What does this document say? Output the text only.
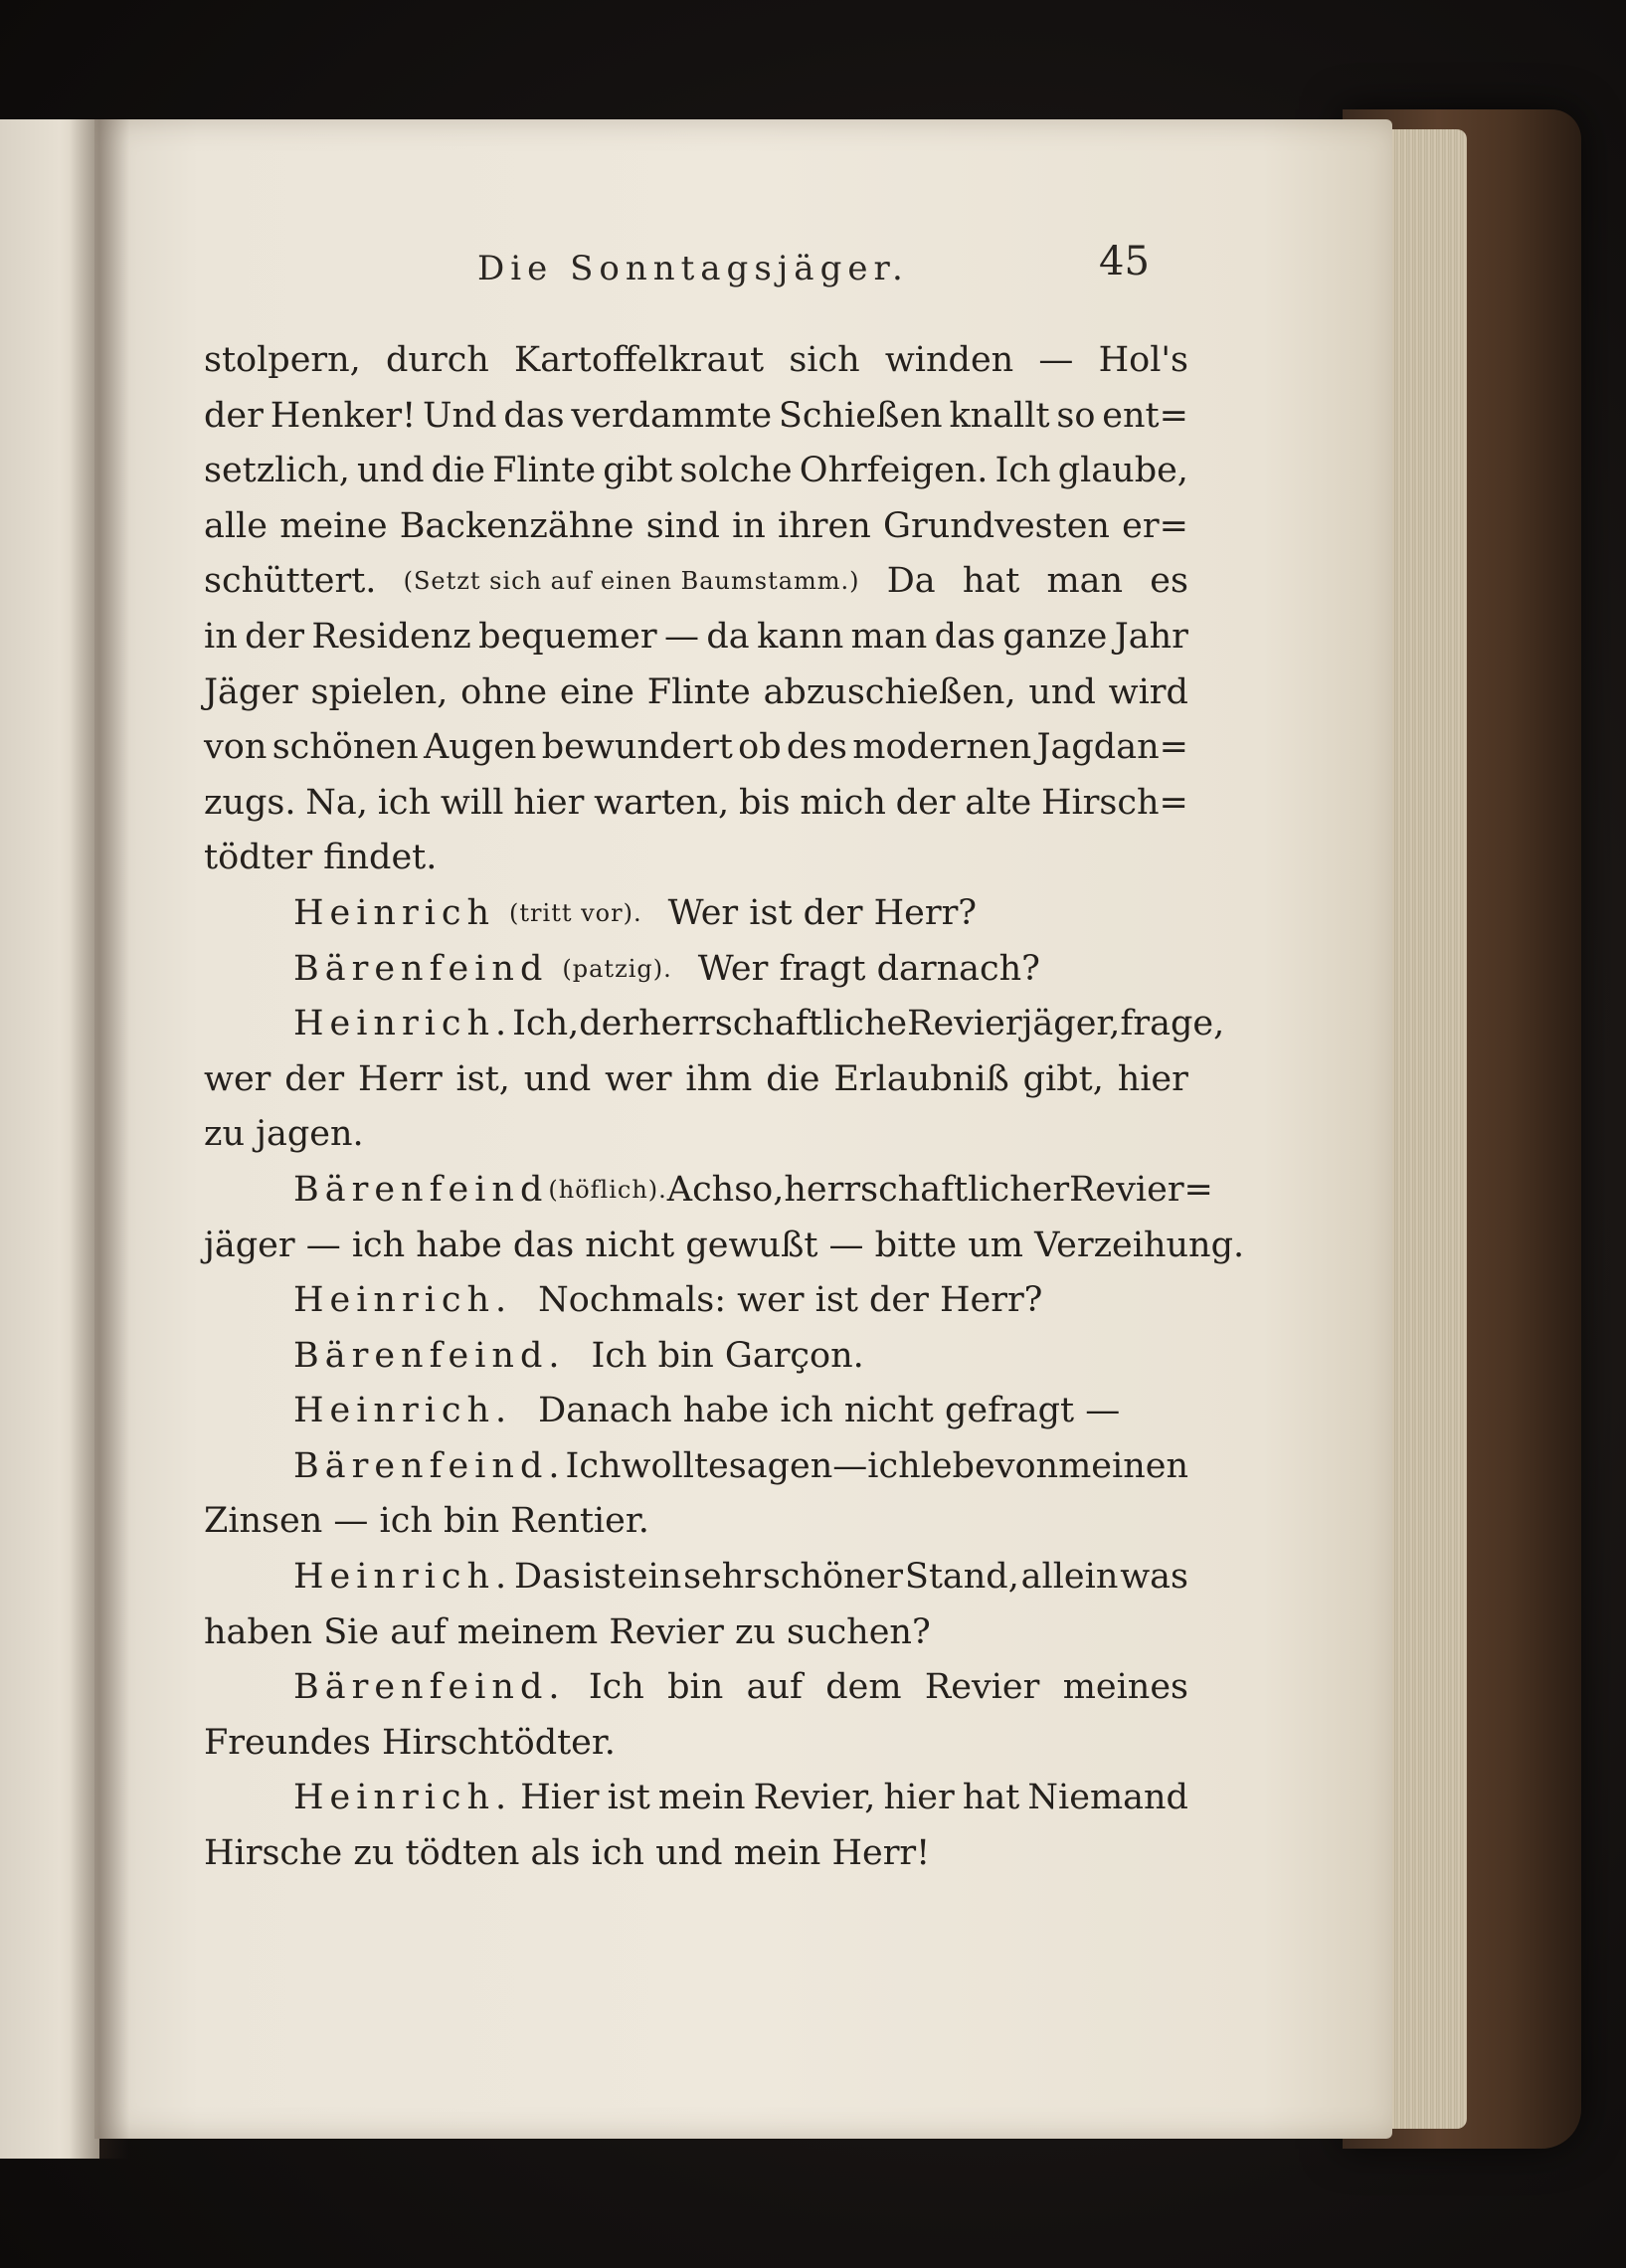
Die Sonntagsjäger.	45
stolpern, durch Kartoffelkraut sich winden — Hol's
der Henker! Und das verdammte Schießen knallt so ent=
setzlich, und die Flinte gibt solche Ohrfeigen. Ich glaube,
alle meine Backenzähne sind in ihren Grundvesten er=
schüttert. (Setzt sich auf einen Baumstamm.) Da hat man es
in der Residenz bequemer — da kann man das ganze Jahr
Jäger spielen, ohne eine Flinte abzuschießen, und wird
von schönen Augen bewundert ob des modernen Jagdan=
zugs. Na, ich will hier warten, bis mich der alte Hirsch=
tödter findet.
Heinrich (tritt vor). Wer ist der Herr?
Bärenfeind (patzig). Wer fragt darnach?
Heinrich. Ich, der herrschaftliche Revierjäger, frage,
wer der Herr ist, und wer ihm die Erlaubniß gibt, hier
zu jagen.
Bärenfeind (höflich). Ach so, herrschaftlicher Revier=
jäger — ich habe das nicht gewußt — bitte um Verzeihung.
Heinrich. Nochmals: wer ist der Herr?
Bärenfeind. Ich bin Garçon.
Heinrich. Danach habe ich nicht gefragt —
Bärenfeind. Ich wollte sagen — ich lebe von meinen
Zinsen — ich bin Rentier.
Heinrich. Das ist ein sehr schöner Stand, allein was
haben Sie auf meinem Revier zu suchen?
Bärenfeind. Ich bin auf dem Revier meines
Freundes Hirschtödter.
Heinrich. Hier ist mein Revier, hier hat Niemand
Hirsche zu tödten als ich und mein Herr!
